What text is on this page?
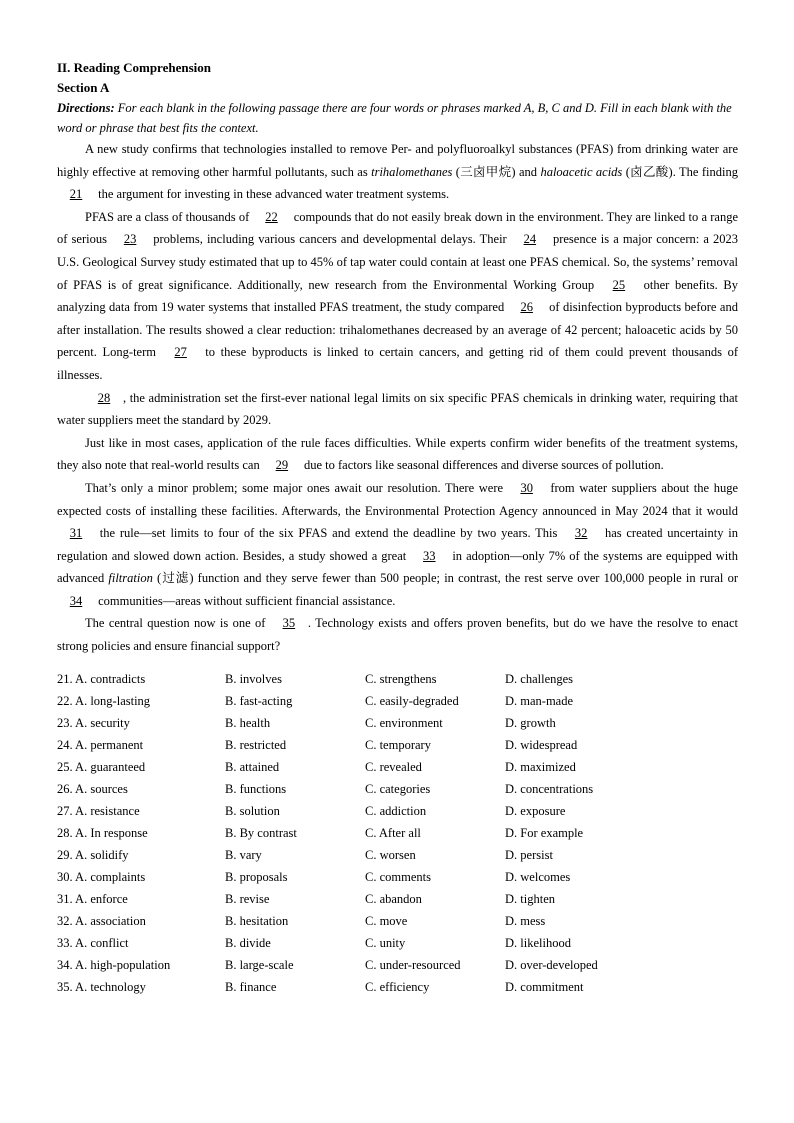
II. Reading Comprehension
Section A
Directions: For each blank in the following passage there are four words or phrases marked A, B, C and D. Fill in each blank with the word or phrase that best fits the context.

A new study confirms that technologies installed to remove Per- and polyfluoroalkyl substances (PFAS) from drinking water are highly effective at removing other harmful pollutants, such as trihalomethanes (三卤甲烷) and haloacetic acids (卤乙酸). The finding 21 the argument for investing in these advanced water treatment systems.

PFAS are a class of thousands of 22 compounds that do not easily break down in the environment. They are linked to a range of serious 23 problems, including various cancers and developmental delays. Their 24 presence is a major concern: a 2023 U.S. Geological Survey study estimated that up to 45% of tap water could contain at least one PFAS chemical. So, the systems’ removal of PFAS is of great significance. Additionally, new research from the Environmental Working Group 25 other benefits. By analyzing data from 19 water systems that installed PFAS treatment, the study compared 26 of disinfection byproducts before and after installation. The results showed a clear reduction: trihalomethanes decreased by an average of 42 percent; haloacetic acids by 50 percent. Long-term 27 to these byproducts is linked to certain cancers, and getting rid of them could prevent thousands of illnesses.

28 , the administration set the first-ever national legal limits on six specific PFAS chemicals in drinking water, requiring that water suppliers meet the standard by 2029.

Just like in most cases, application of the rule faces difficulties. While experts confirm wider benefits of the treatment systems, they also note that real-world results can 29 due to factors like seasonal differences and diverse sources of pollution.

That’s only a minor problem; some major ones await our resolution. There were 30 from water suppliers about the huge expected costs of installing these facilities. Afterwards, the Environmental Protection Agency announced in May 2024 that it would 31 the rule—set limits to four of the six PFAS and extend the deadline by two years. This 32 has created uncertainty in regulation and slowed down action. Besides, a study showed a great 33 in adoption—only 7% of the systems are equipped with advanced filtration (过滤) function and they serve fewer than 500 people; in contrast, the rest serve over 100,000 people in rural or 34 communities—areas without sufficient financial assistance.

The central question now is one of 35 . Technology exists and offers proven benefits, but do we have the resolve to enact strong policies and ensure financial support?

21. A. contradicts	B. involves	C. strengthens	D. challenges
22. A. long-lasting	B. fast-acting	C. easily-degraded	D. man-made
23. A. security	B. health	C. environment	D. growth
24. A. permanent	B. restricted	C. temporary	D. widespread
25. A. guaranteed	B. attained	C. revealed	D. maximized
26. A. sources	B. functions	C. categories	D. concentrations
27. A. resistance	B. solution	C. addiction	D. exposure
28. A. In response	B. By contrast	C. After all	D. For example
29. A. solidify	B. vary	C. worsen	D. persist
30. A. complaints	B. proposals	C. comments	D. welcomes
31. A. enforce	B. revise	C. abandon	D. tighten
32. A. association	B. hesitation	C. move	D. mess
33. A. conflict	B. divide	C. unity	D. likelihood
34. A. high-population	B. large-scale	C. under-resourced	D. over-developed
35. A. technology	B. finance	C. efficiency	D. commitment
